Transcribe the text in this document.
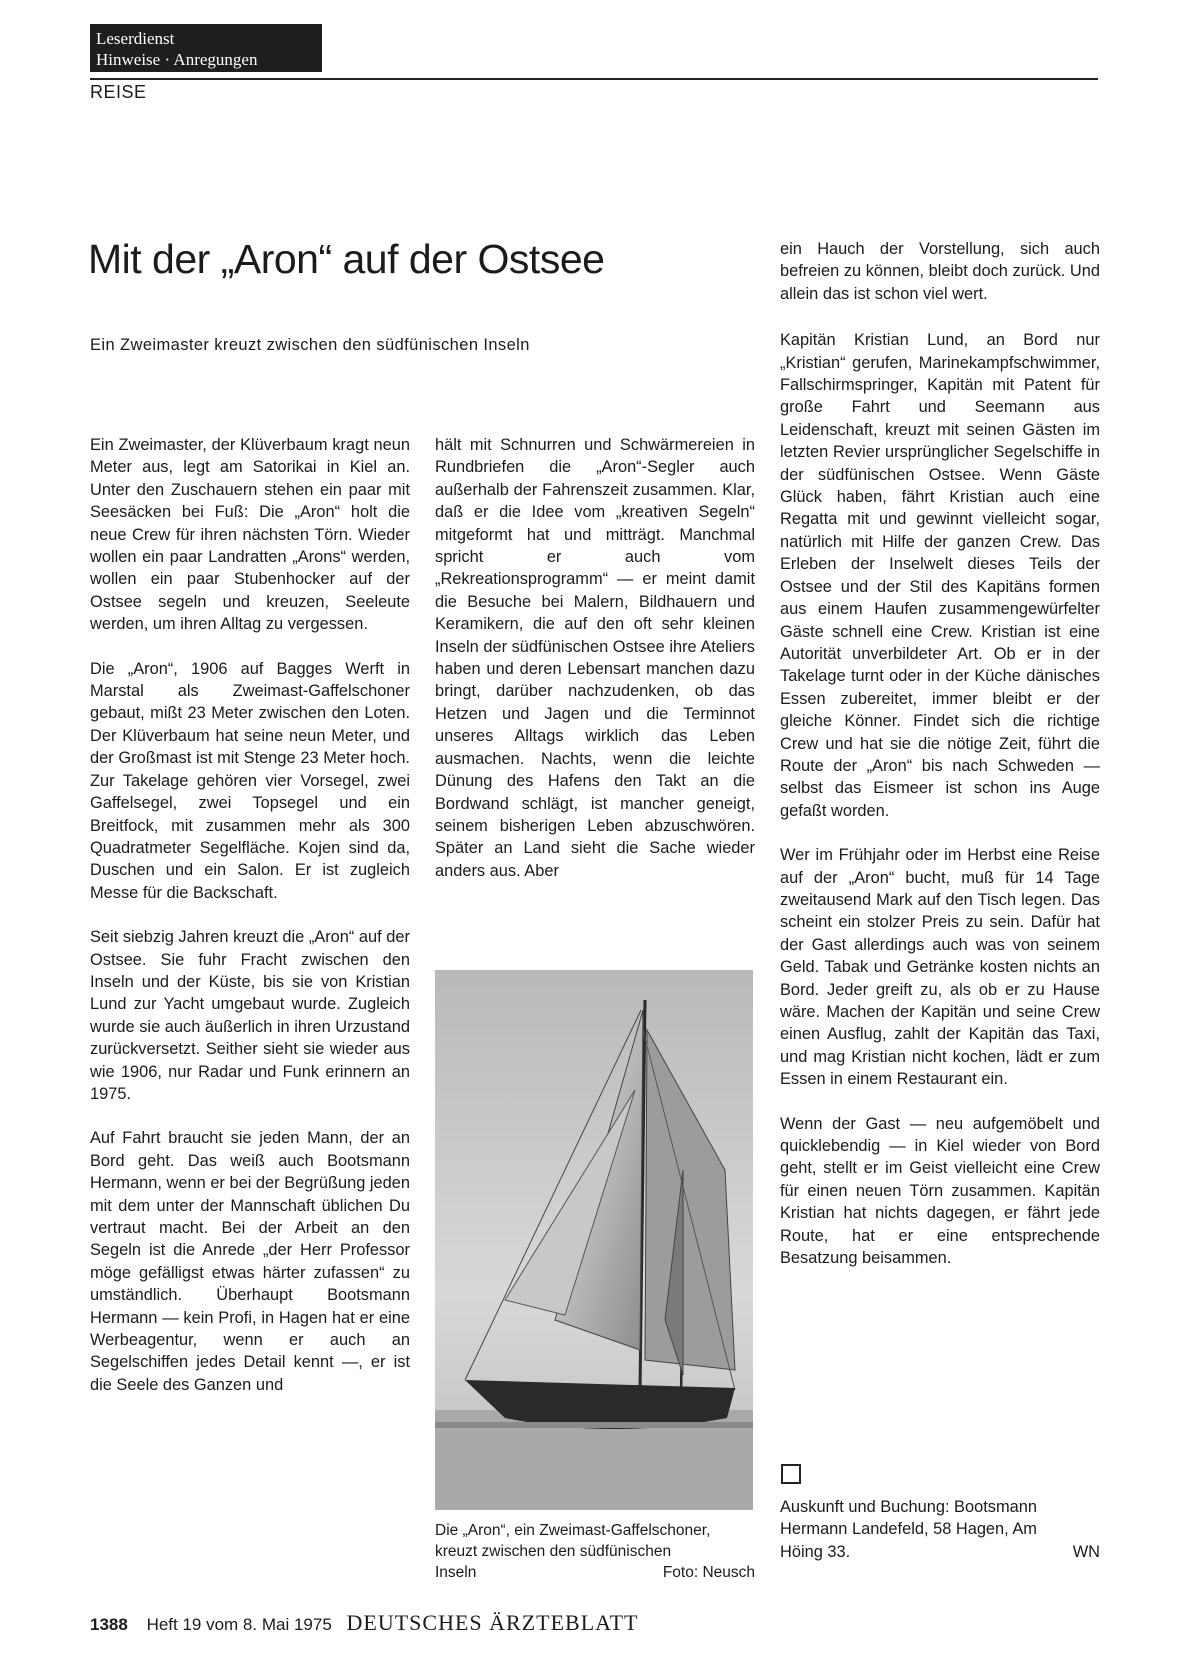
Leserdienst
Hinweise · Anregungen
REISE
Mit der „Aron“ auf der Ostsee
Ein Zweimaster kreuzt zwischen den südfünischen Inseln

Ein Zweimaster, der Klüverbaum kragt neun Meter aus, legt am Satorikai in Kiel an. Unter den Zuschauern stehen ein paar mit Seesäcken bei Fuß: Die „Aron“ holt die neue Crew für ihren nächsten Törn. Wieder wollen ein paar Landratten „Arons“ werden, wollen ein paar Stubenhocker auf der Ostsee segeln und kreuzen, Seeleute werden, um ihren Alltag zu vergessen.

Die „Aron“, 1906 auf Bagges Werft in Marstal als Zweimast-Gaffelschoner gebaut, mißt 23 Meter zwischen den Loten. Der Klüverbaum hat seine neun Meter, und der Großmast ist mit Stenge 23 Meter hoch. Zur Takelage gehören vier Vorsegel, zwei Gaffelsegel, zwei Topsegel und ein Breitfock, mit zusammen mehr als 300 Quadratmeter Segelfläche. Kojen sind da, Duschen und ein Salon. Er ist zugleich Messe für die Backschaft.

Seit siebzig Jahren kreuzt die „Aron“ auf der Ostsee. Sie fuhr Fracht zwischen den Inseln und der Küste, bis sie von Kristian Lund zur Yacht umgebaut wurde. Zugleich wurde sie auch äußerlich in ihren Urzustand zurückversetzt. Seither sieht sie wieder aus wie 1906, nur Radar und Funk erinnern an 1975.

Auf Fahrt braucht sie jeden Mann, der an Bord geht. Das weiß auch Bootsmann Hermann, wenn er bei der Begrüßung jeden mit dem unter der Mannschaft üblichen Du vertraut macht. Bei der Arbeit an den Segeln ist die Anrede „der Herr Professor möge gefälligst etwas härter zufassen“ zu umständlich. Überhaupt Bootsmann Hermann — kein Profi, in Hagen hat er eine Werbeagentur, wenn er auch an Segelschiffen jedes Detail kennt —, er ist die Seele des Ganzen und

hält mit Schnurren und Schwärmereien in Rundbriefen die „Aron“-Segler auch außerhalb der Fahrenszeit zusammen. Klar, daß er die Idee vom „kreativen Segeln“ mitgeformt hat und mitträgt. Manchmal spricht er auch vom „Rekreationsprogramm“ — er meint damit die Besuche bei Malern, Bildhauern und Keramikern, die auf den oft sehr kleinen Inseln der südfünischen Ostsee ihre Ateliers haben und deren Lebensart manchen dazu bringt, darüber nachzudenken, ob das Hetzen und Jagen und die Terminnot unseres Alltags wirklich das Leben ausmachen. Nachts, wenn die leichte Dünung des Hafens den Takt an die Bordwand schlägt, ist mancher geneigt, seinem bisherigen Leben abzuschwören. Später an Land sieht die Sache wieder anders aus. Aber

Die „Aron“, ein Zweimast-Gaffelschoner, kreuzt zwischen den südfünischen
Inseln	Foto: Neusch

ein Hauch der Vorstellung, sich auch befreien zu können, bleibt doch zurück. Und allein das ist schon viel wert.

Kapitän Kristian Lund, an Bord nur „Kristian“ gerufen, Marinekampfschwimmer, Fallschirmspringer, Kapitän mit Patent für große Fahrt und Seemann aus Leidenschaft, kreuzt mit seinen Gästen im letzten Revier ursprünglicher Segelschiffe in der südfünischen Ostsee. Wenn Gäste Glück haben, fährt Kristian auch eine Regatta mit und gewinnt vielleicht sogar, natürlich mit Hilfe der ganzen Crew. Das Erleben der Inselwelt dieses Teils der Ostsee und der Stil des Kapitäns formen aus einem Haufen zusammengewürfelter Gäste schnell eine Crew. Kristian ist eine Autorität unverbildeter Art. Ob er in der Takelage turnt oder in der Küche dänisches Essen zubereitet, immer bleibt er der gleiche Könner. Findet sich die richtige Crew und hat sie die nötige Zeit, führt die Route der „Aron“ bis nach Schweden — selbst das Eismeer ist schon ins Auge gefaßt worden.

Wer im Frühjahr oder im Herbst eine Reise auf der „Aron“ bucht, muß für 14 Tage zweitausend Mark auf den Tisch legen. Das scheint ein stolzer Preis zu sein. Dafür hat der Gast allerdings auch was von seinem Geld. Tabak und Getränke kosten nichts an Bord. Jeder greift zu, als ob er zu Hause wäre. Machen der Kapitän und seine Crew einen Ausflug, zahlt der Kapitän das Taxi, und mag Kristian nicht kochen, lädt er zum Essen in einem Restaurant ein.

Wenn der Gast — neu aufgemöbelt und quicklebendig — in Kiel wieder von Bord geht, stellt er im Geist vielleicht eine Crew für einen neuen Törn zusammen. Kapitän Kristian hat nichts dagegen, er fährt jede Route, hat er eine entsprechende Besatzung beisammen.

Auskunft und Buchung: Bootsmann Hermann Landefeld, 58 Hagen, Am
Höing 33.	WN
1388 Heft 19 vom 8. Mai 1975 DEUTSCHES ÄRZTEBLATT
